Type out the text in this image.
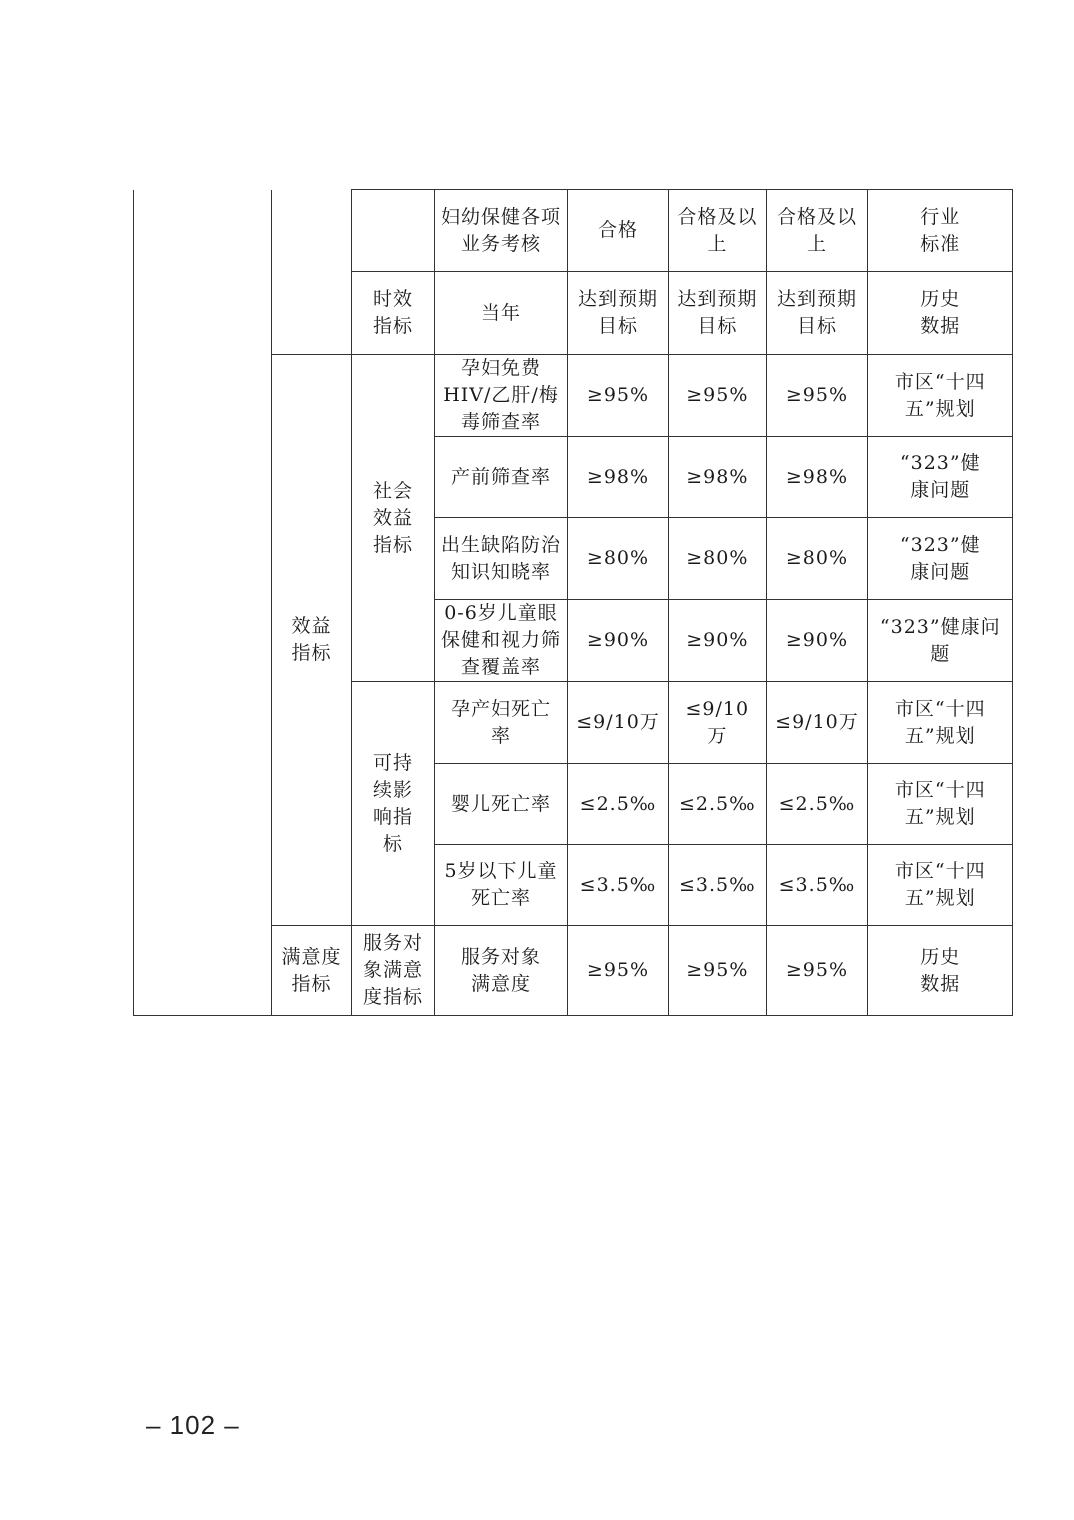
			妇幼保健各项业务考核	合格	合格及以上	合格及以上	行业标准

		时效指标	当年	达到预期目标	达到预期目标	达到预期目标	历史数据

	效益指标	社会效益指标	孕妇免费HIV/乙肝/梅毒筛查率	≥95%	≥95%	≥95%	市区“十四五”规划

			产前筛查率	≥98%	≥98%	≥98%	“323”健康问题

			出生缺陷防治知识知晓率	≥80%	≥80%	≥80%	“323”健康问题

			0-6岁儿童眼保健和视力筛查覆盖率	≥90%	≥90%	≥90%	“323”健康问题

		可持续影响指标	孕产妇死亡率	≤9/10万	≤9/10万	≤9/10万	市区“十四五”规划

			婴儿死亡率	≤2.5‰	≤2.5‰	≤2.5‰	市区“十四五”规划

			5岁以下儿童死亡率	≤3.5‰	≤3.5‰	≤3.5‰	市区“十四五”规划

	满意度指标	服务对象满意度指标	服务对象满意度	≥95%	≥95%	≥95%	历史数据
– 102 –
